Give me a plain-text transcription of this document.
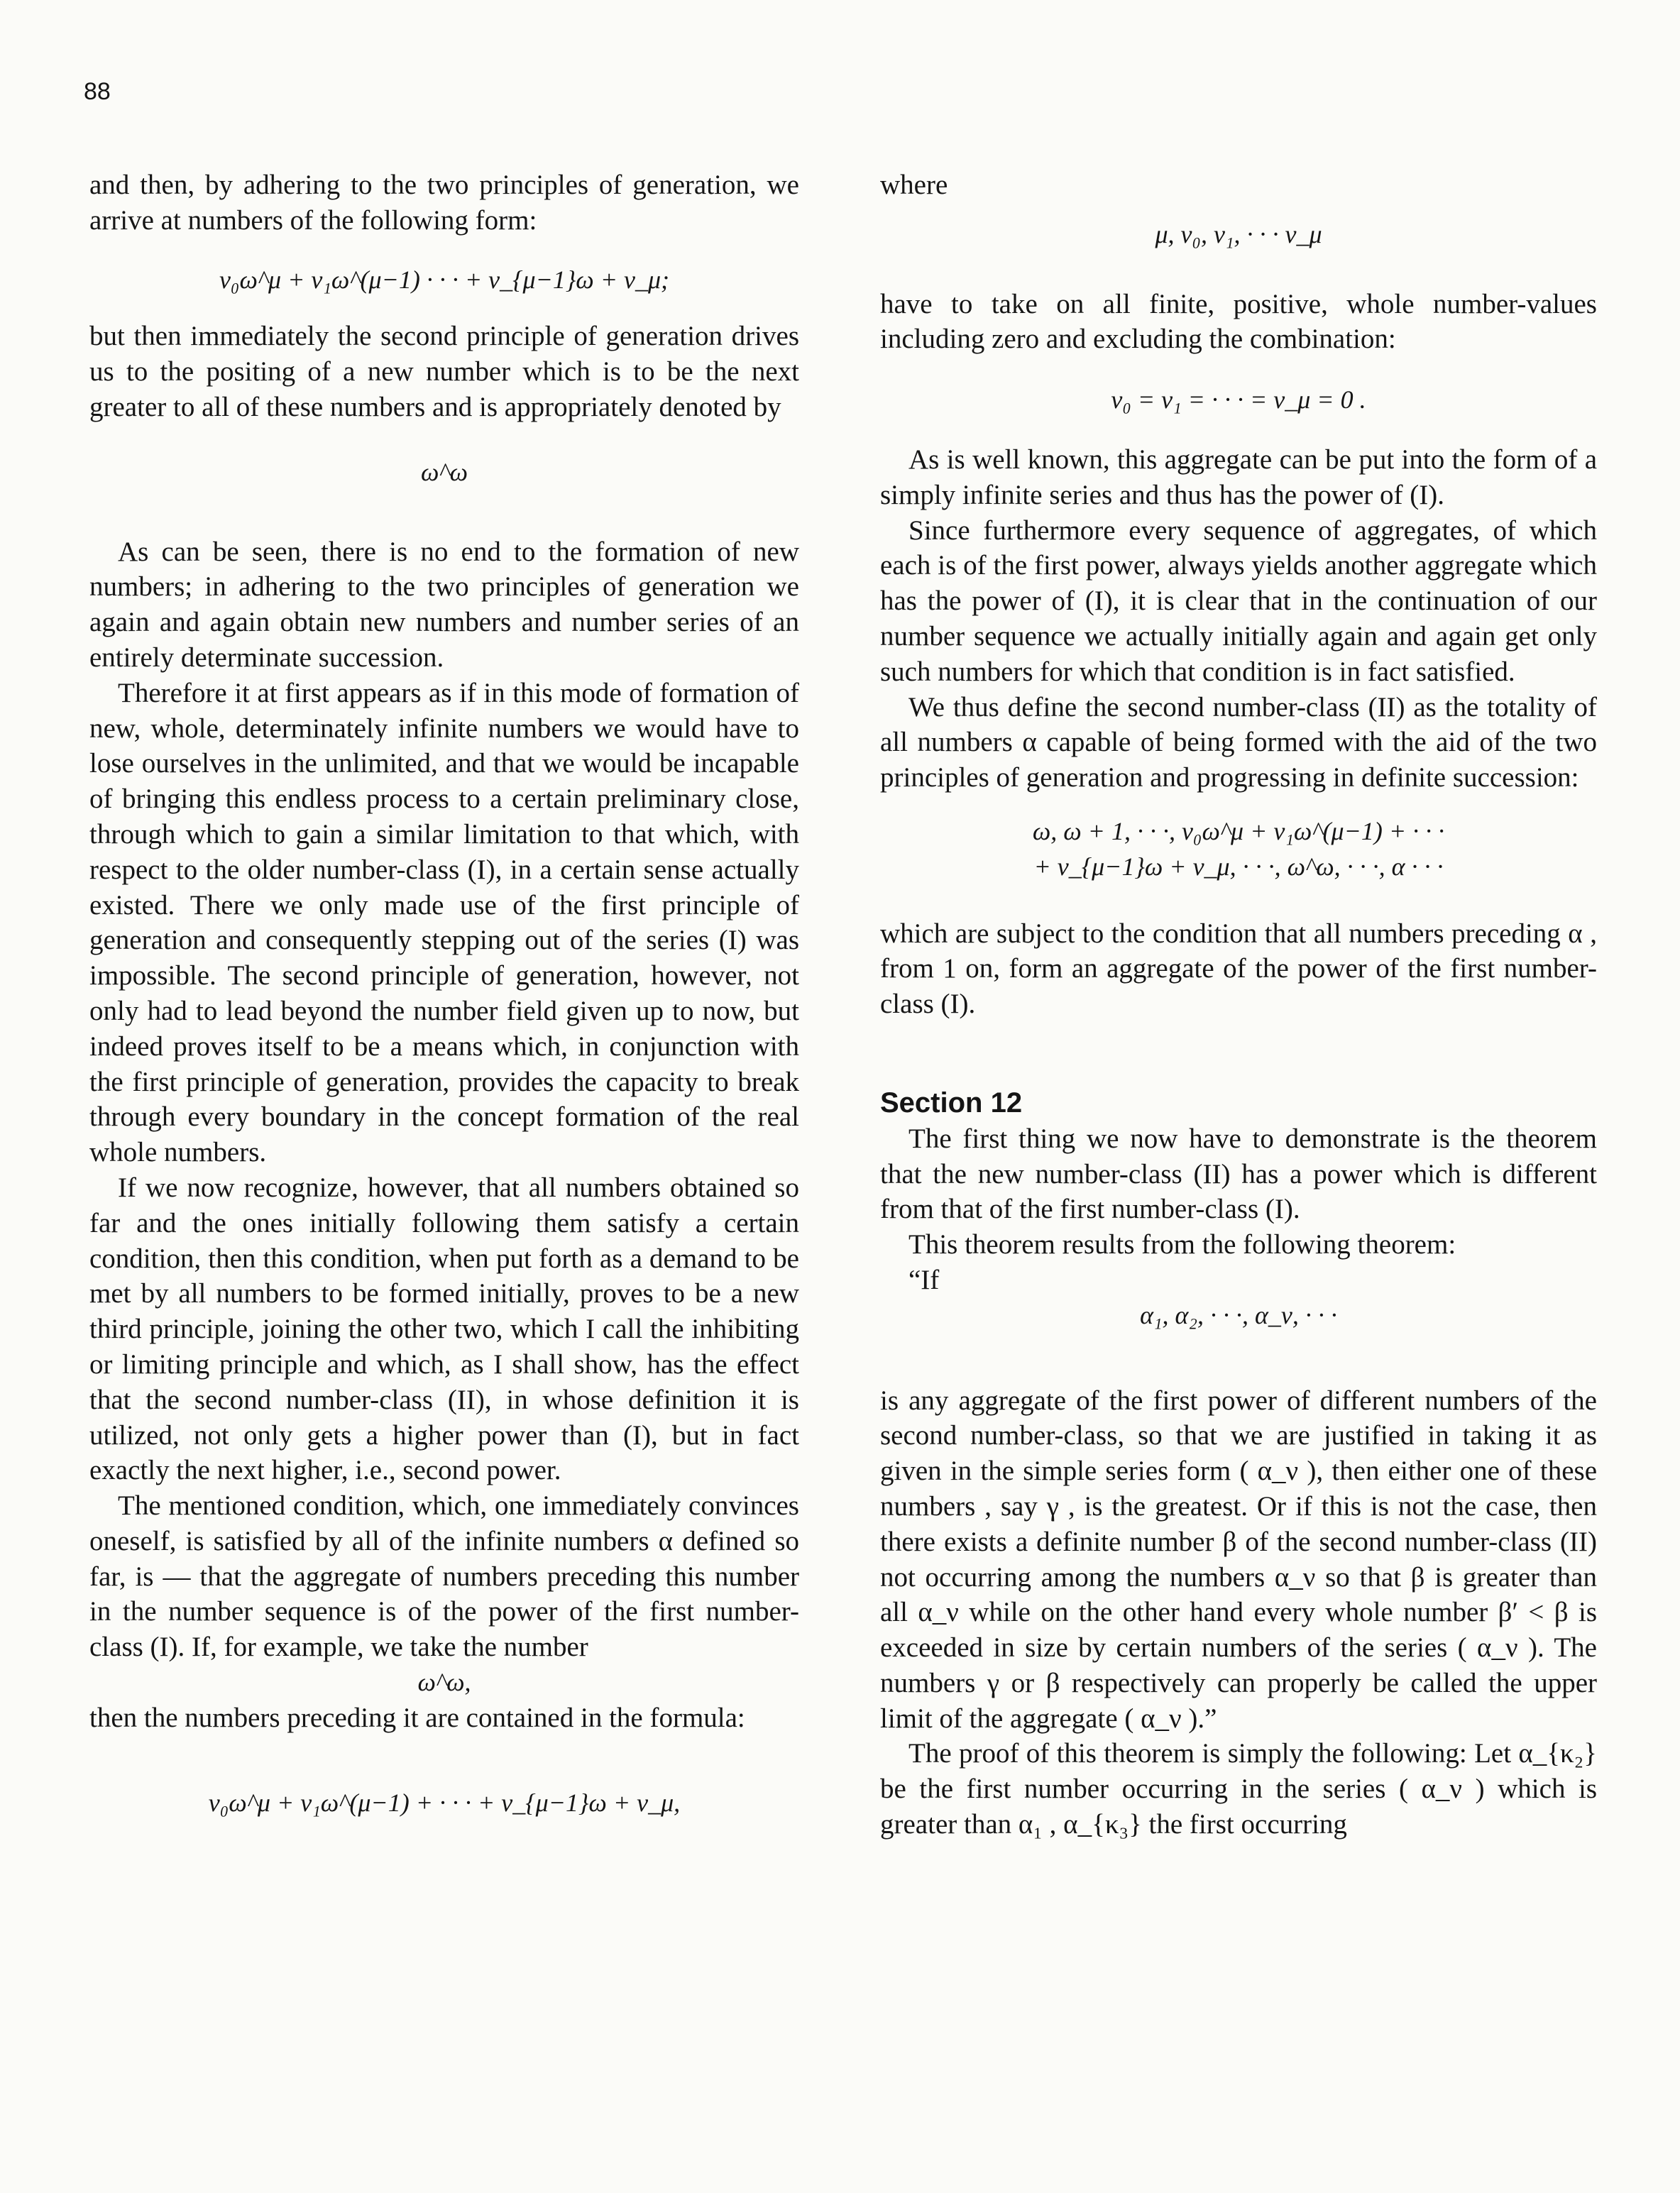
88

and then, by adhering to the two principles of generation, we arrive at numbers of the following form:

ν₀ω^μ + ν₁ω^(μ−1) · · · + ν_{μ−1}ω + ν_μ;

but then immediately the second principle of generation drives us to the positing of a new number which is to be the next greater to all of these numbers and is appropriately denoted by

ω^ω

As can be seen, there is no end to the formation of new numbers; in adhering to the two principles of generation we again and again obtain new numbers and number series of an entirely determinate succession.

Therefore it at first appears as if in this mode of formation of new, whole, determinately infinite numbers we would have to lose ourselves in the unlimited, and that we would be incapable of bringing this endless process to a certain preliminary close, through which to gain a similar limitation to that which, with respect to the older number-class (I), in a certain sense actually existed. There we only made use of the first principle of generation and consequently stepping out of the series (I) was impossible. The second principle of generation, however, not only had to lead beyond the number field given up to now, but indeed proves itself to be a means which, in conjunction with the first principle of generation, provides the capacity to break through every boundary in the concept formation of the real whole numbers.

If we now recognize, however, that all numbers obtained so far and the ones initially following them satisfy a certain condition, then this condition, when put forth as a demand to be met by all numbers to be formed initially, proves to be a new third principle, joining the other two, which I call the inhibiting or limiting principle and which, as I shall show, has the effect that the second number-class (II), in whose definition it is utilized, not only gets a higher power than (I), but in fact exactly the next higher, i.e., second power.

The mentioned condition, which, one immediately convinces oneself, is satisfied by all of the infinite numbers α defined so far, is — that the aggregate of numbers preceding this number in the number sequence is of the power of the first number-class (I). If, for example, we take the number

ω^ω,

then the numbers preceding it are contained in the formula:

ν₀ω^μ + ν₁ω^(μ−1) + · · · + ν_{μ−1}ω + ν_μ,

where

μ, ν₀, ν₁, · · · ν_μ

have to take on all finite, positive, whole number-values including zero and excluding the combination:

ν₀ = ν₁ = · · · = ν_μ = 0 .

As is well known, this aggregate can be put into the form of a simply infinite series and thus has the power of (I).

Since furthermore every sequence of aggregates, of which each is of the first power, always yields another aggregate which has the power of (I), it is clear that in the continuation of our number sequence we actually initially again and again get only such numbers for which that condition is in fact satisfied.

We thus define the second number-class (II) as the totality of all numbers α capable of being formed with the aid of the two principles of generation and progressing in definite succession:

ω, ω + 1, · · ·, ν₀ω^μ + ν₁ω^(μ−1) + · · ·

+ ν_{μ−1}ω + ν_μ, · · ·, ω^ω, · · ·, α · · ·

which are subject to the condition that all numbers preceding α , from 1 on, form an aggregate of the power of the first number-class (I).

Section 12

The first thing we now have to demonstrate is the theorem that the new number-class (II) has a power which is different from that of the first number-class (I).

This theorem results from the following theorem:

“If

α₁, α₂, · · ·, α_ν, · · ·

is any aggregate of the first power of different numbers of the second number-class, so that we are justified in taking it as given in the simple series form ( α_ν ), then either one of these numbers , say γ , is the greatest. Or if this is not the case, then there exists a definite number β of the second number-class (II) not occurring among the numbers α_ν so that β is greater than all α_ν while on the other hand every whole number β′ < β is exceeded in size by certain numbers of the series ( α_ν ). The numbers γ or β respectively can properly be called the upper limit of the aggregate ( α_ν ).”

The proof of this theorem is simply the following: Let α_{κ₂} be the first number occurring in the series ( α_ν ) which is greater than α₁ , α_{κ₃} the first occurring
